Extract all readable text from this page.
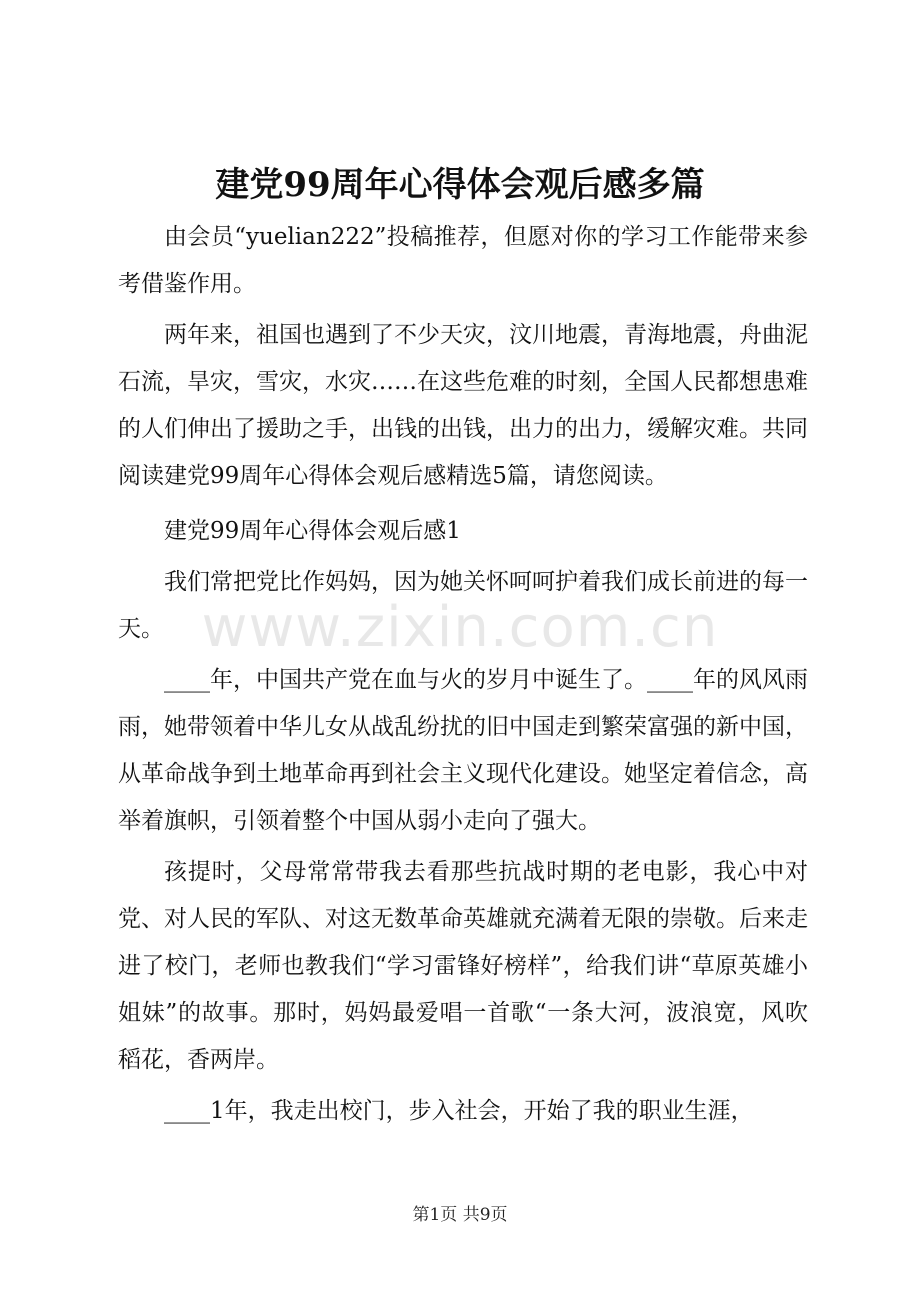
建党99周年心得体会观后感多篇

由会员“yuelian222”投稿推荐，但愿对你的学习工作能带来参考借鉴作用。

两年来，祖国也遇到了不少天灾，汶川地震，青海地震，舟曲泥石流，旱灾，雪灾，水灾……在这些危难的时刻，全国人民都想患难的人们伸出了援助之手，出钱的出钱，出力的出力，缓解灾难。共同阅读建党99周年心得体会观后感精选5篇，请您阅读。

建党99周年心得体会观后感1

我们常把党比作妈妈，因为她关怀呵呵护着我们成长前进的每一天。

____年，中国共产党在血与火的岁月中诞生了。____年的风风雨雨，她带领着中华儿女从战乱纷扰的旧中国走到繁荣富强的新中国，从革命战争到土地革命再到社会主义现代化建设。她坚定着信念，高举着旗帜，引领着整个中国从弱小走向了强大。

孩提时，父母常常带我去看那些抗战时期的老电影，我心中对党、对人民的军队、对这无数革命英雄就充满着无限的崇敬。后来走进了校门，老师也教我们“学习雷锋好榜样”，给我们讲“草原英雄小姐妹”的故事。那时，妈妈最爱唱一首歌“一条大河，波浪宽，风吹稻花，香两岸。

____1年，我走出校门，步入社会，开始了我的职业生涯，

www.zixin.com.cn
第1页 共9页
